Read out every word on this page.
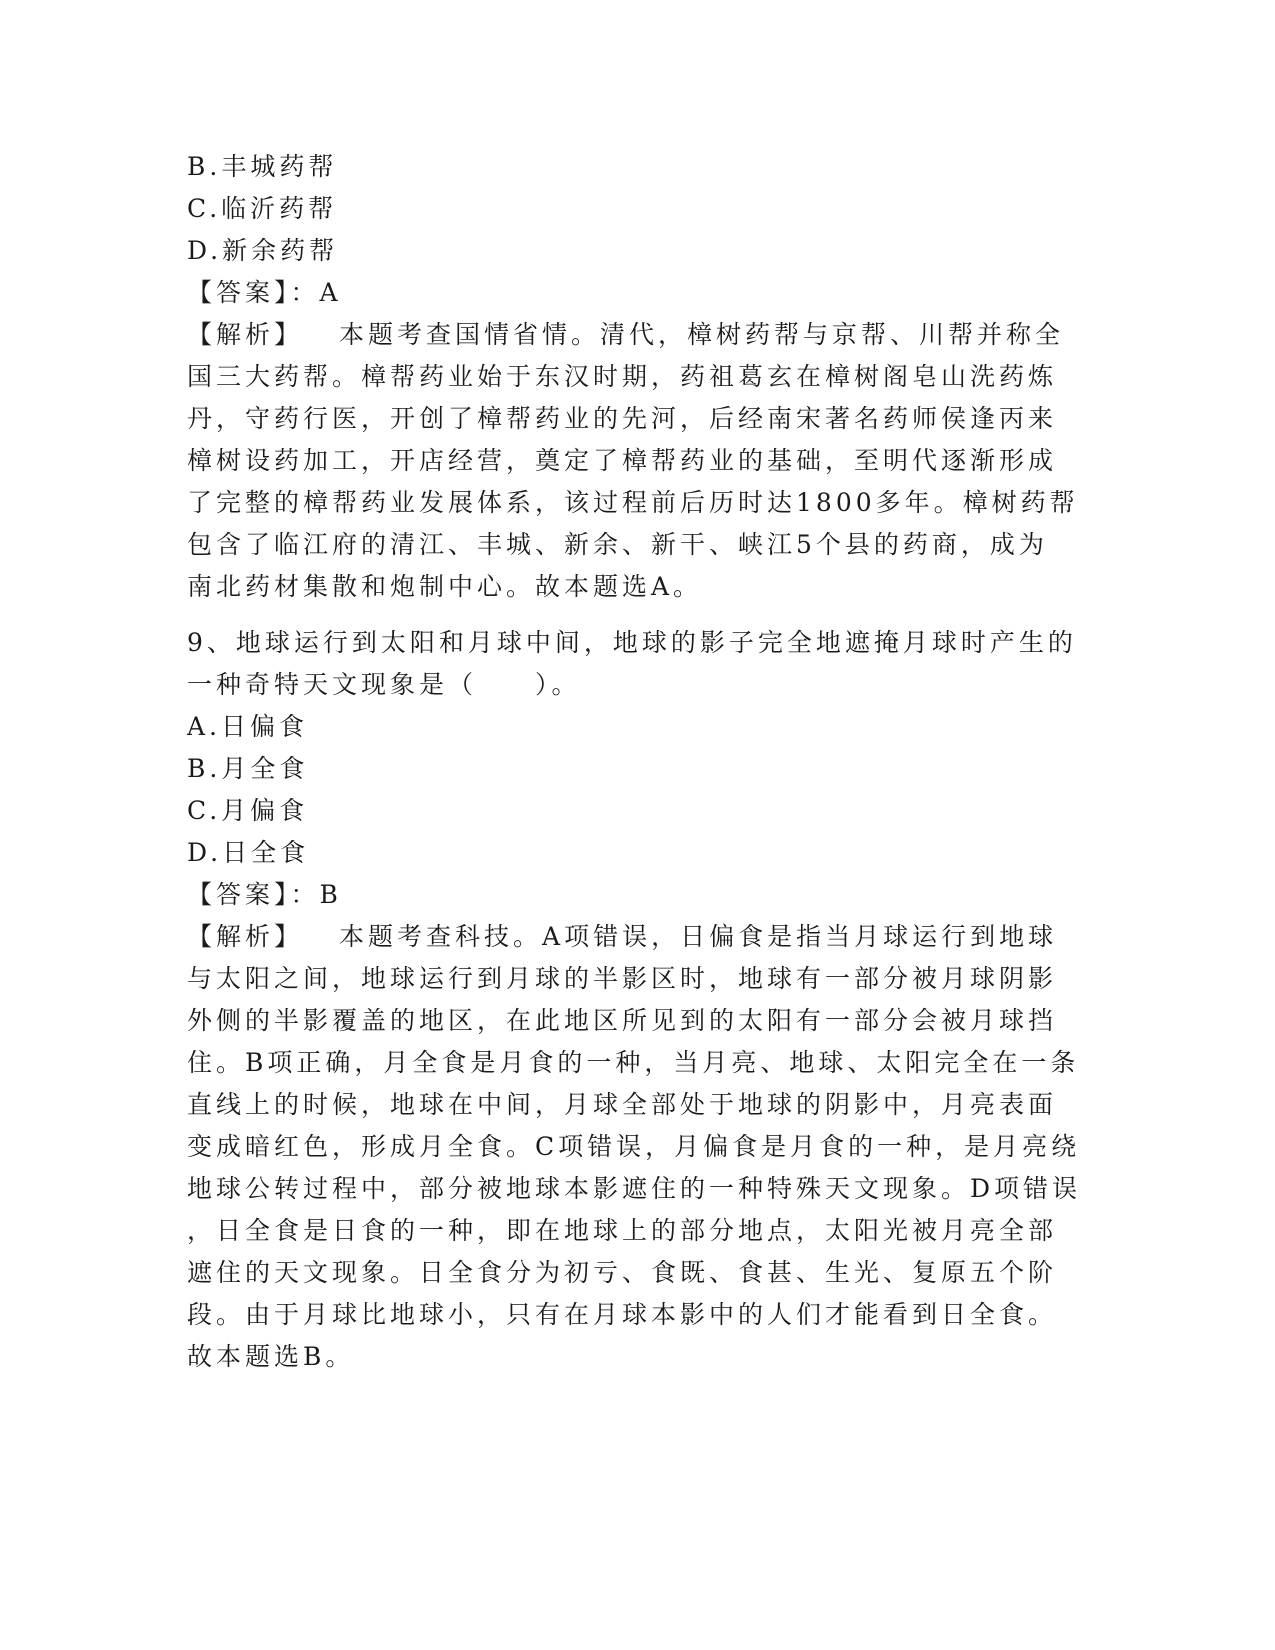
B.丰城药帮
C.临沂药帮
D.新余药帮
【答案】：A
【解析】 本题考查国情省情。清代，樟树药帮与京帮、川帮并称全
国三大药帮。樟帮药业始于东汉时期，药祖葛玄在樟树阁皂山洗药炼
丹，守药行医，开创了樟帮药业的先河，后经南宋著名药师侯逢丙来
樟树设药加工，开店经营，奠定了樟帮药业的基础，至明代逐渐形成
了完整的樟帮药业发展体系，该过程前后历时达1800多年。樟树药帮
包含了临江府的清江、丰城、新余、新干、峡江5个县的药商，成为
南北药材集散和炮制中心。故本题选A。
9、地球运行到太阳和月球中间，地球的影子完全地遮掩月球时产生的
一种奇特天文现象是（　　）。
A.日偏食
B.月全食
C.月偏食
D.日全食
【答案】：B
【解析】 本题考查科技。A项错误，日偏食是指当月球运行到地球
与太阳之间，地球运行到月球的半影区时，地球有一部分被月球阴影
外侧的半影覆盖的地区，在此地区所见到的太阳有一部分会被月球挡
住。B项正确，月全食是月食的一种，当月亮、地球、太阳完全在一条
直线上的时候，地球在中间，月球全部处于地球的阴影中，月亮表面
变成暗红色，形成月全食。C项错误，月偏食是月食的一种，是月亮绕
地球公转过程中，部分被地球本影遮住的一种特殊天文现象。D项错误
，日全食是日食的一种，即在地球上的部分地点，太阳光被月亮全部
遮住的天文现象。日全食分为初亏、食既、食甚、生光、复原五个阶
段。由于月球比地球小，只有在月球本影中的人们才能看到日全食。
故本题选B。
